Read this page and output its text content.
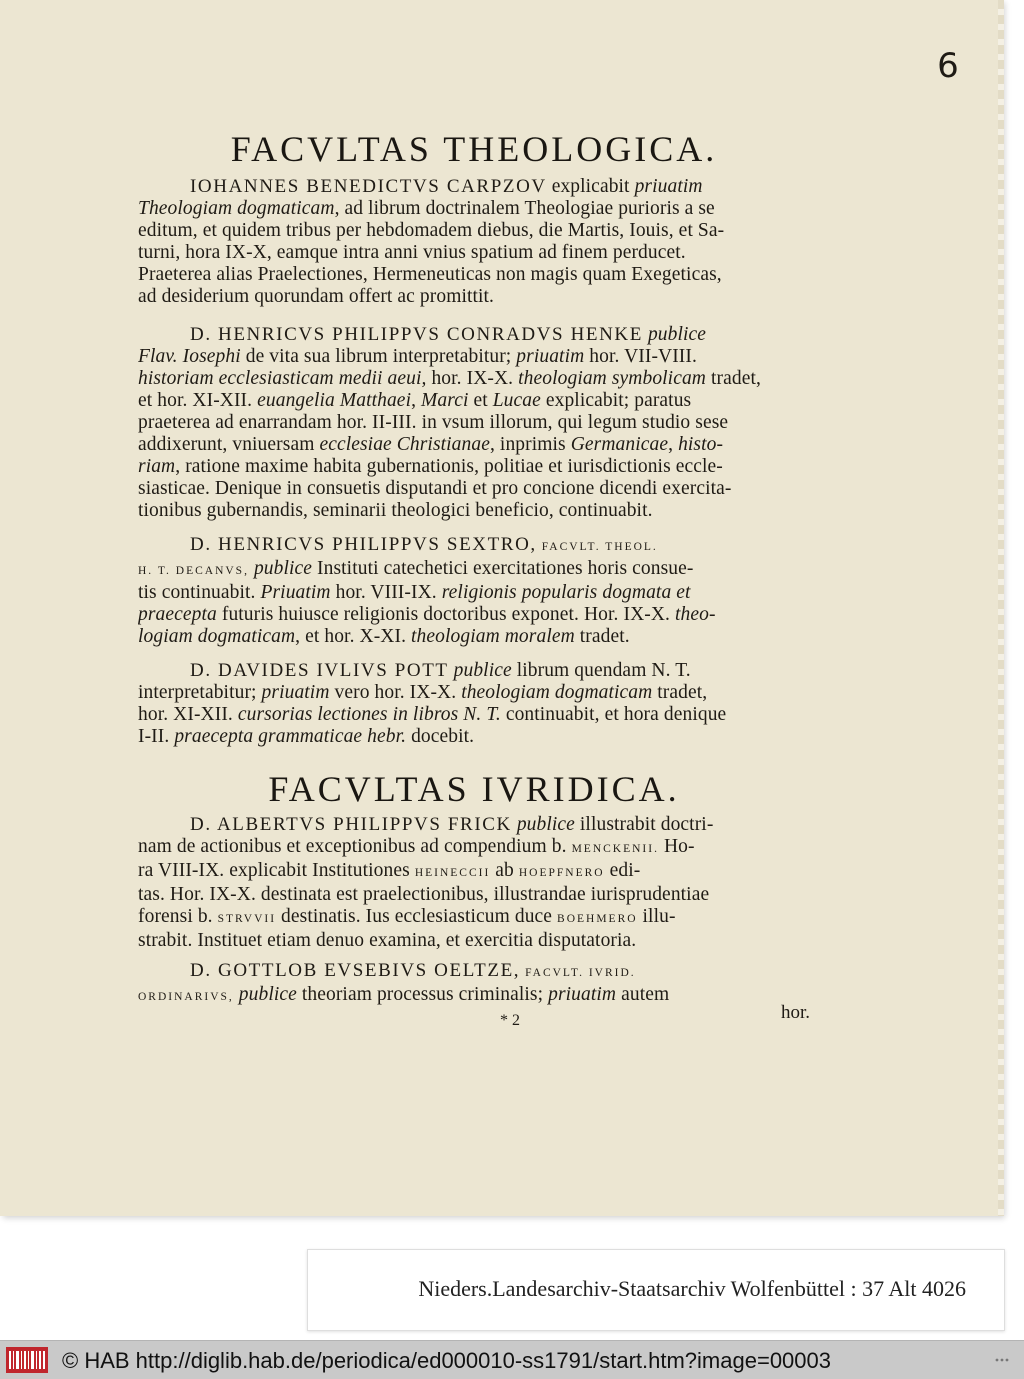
6
FACVLTAS THEOLOGICA.
IOHANNES BENEDICTVS CARPZOV explicabit priuatim
Theologiam dogmaticam, ad librum doctrinalem Theologiae purioris a se
editum, et quidem tribus per hebdomadem diebus, die Martis, Iouis, et Sa-
turni, hora IX-X, eamque intra anni vnius spatium ad finem perducet.
Praeterea alias Praelectiones, Hermeneuticas non magis quam Exegeticas,
ad desiderium quorundam offert ac promittit.
D. HENRICVS PHILIPPVS CONRADVS HENKE publice
Flav. Iosephi de vita sua librum interpretabitur; priuatim hor. VII-VIII.
historiam ecclesiasticam medii aeui, hor. IX-X. theologiam symbolicam tradet,
et hor. XI-XII. euangelia Matthaei, Marci et Lucae explicabit; paratus
praeterea ad enarrandam hor. II-III. in vsum illorum, qui legum studio sese
addixerunt, vniuersam ecclesiae Christianae, inprimis Germanicae, histo-
riam, ratione maxime habita gubernationis, politiae et iurisdictionis eccle-
siasticae. Denique in consuetis disputandi et pro concione dicendi exercita-
tionibus gubernandis, seminarii theologici beneficio, continuabit.
D. HENRICVS PHILIPPVS SEXTRO, FACVLT. THEOL.
H. T. DECANVS, publice Instituti catechetici exercitationes horis consue-
tis continuabit. Priuatim hor. VIII-IX. religionis popularis dogmata et
praecepta futuris huiusce religionis doctoribus exponet. Hor. IX-X. theo-
logiam dogmaticam, et hor. X-XI. theologiam moralem tradet.
D. DAVIDES IVLIVS POTT publice librum quendam N. T.
interpretabitur; priuatim vero hor. IX-X. theologiam dogmaticam tradet,
hor. XI-XII. cursorias lectiones in libros N. T. continuabit, et hora denique
I-II. praecepta grammaticae hebr. docebit.
FACVLTAS IVRIDICA.
D. ALBERTVS PHILIPPVS FRICK publice illustrabit doctri-
nam de actionibus et exceptionibus ad compendium b. MENCKENII. Ho-
ra VIII-IX. explicabit Institutiones HEINECCII ab HOEPFNERO edi-
tas. Hor. IX-X. destinata est praelectionibus, illustrandae iurisprudentiae
forensi b. STRVVII destinatis. Ius ecclesiasticum duce BOEHMERO illu-
strabit. Instituet etiam denuo examina, et exercitia disputatoria.
D. GOTTLOB EVSEBIVS OELTZE, FACVLT. IVRID.
ORDINARIVS, publice theoriam processus criminalis; priuatim autem
* 2	hor.
Nieders.Landesarchiv-Staatsarchiv Wolfenbüttel : 37 Alt 4026
© HAB http://diglib.hab.de/periodica/ed000010-ss1791/start.htm?image=00003
